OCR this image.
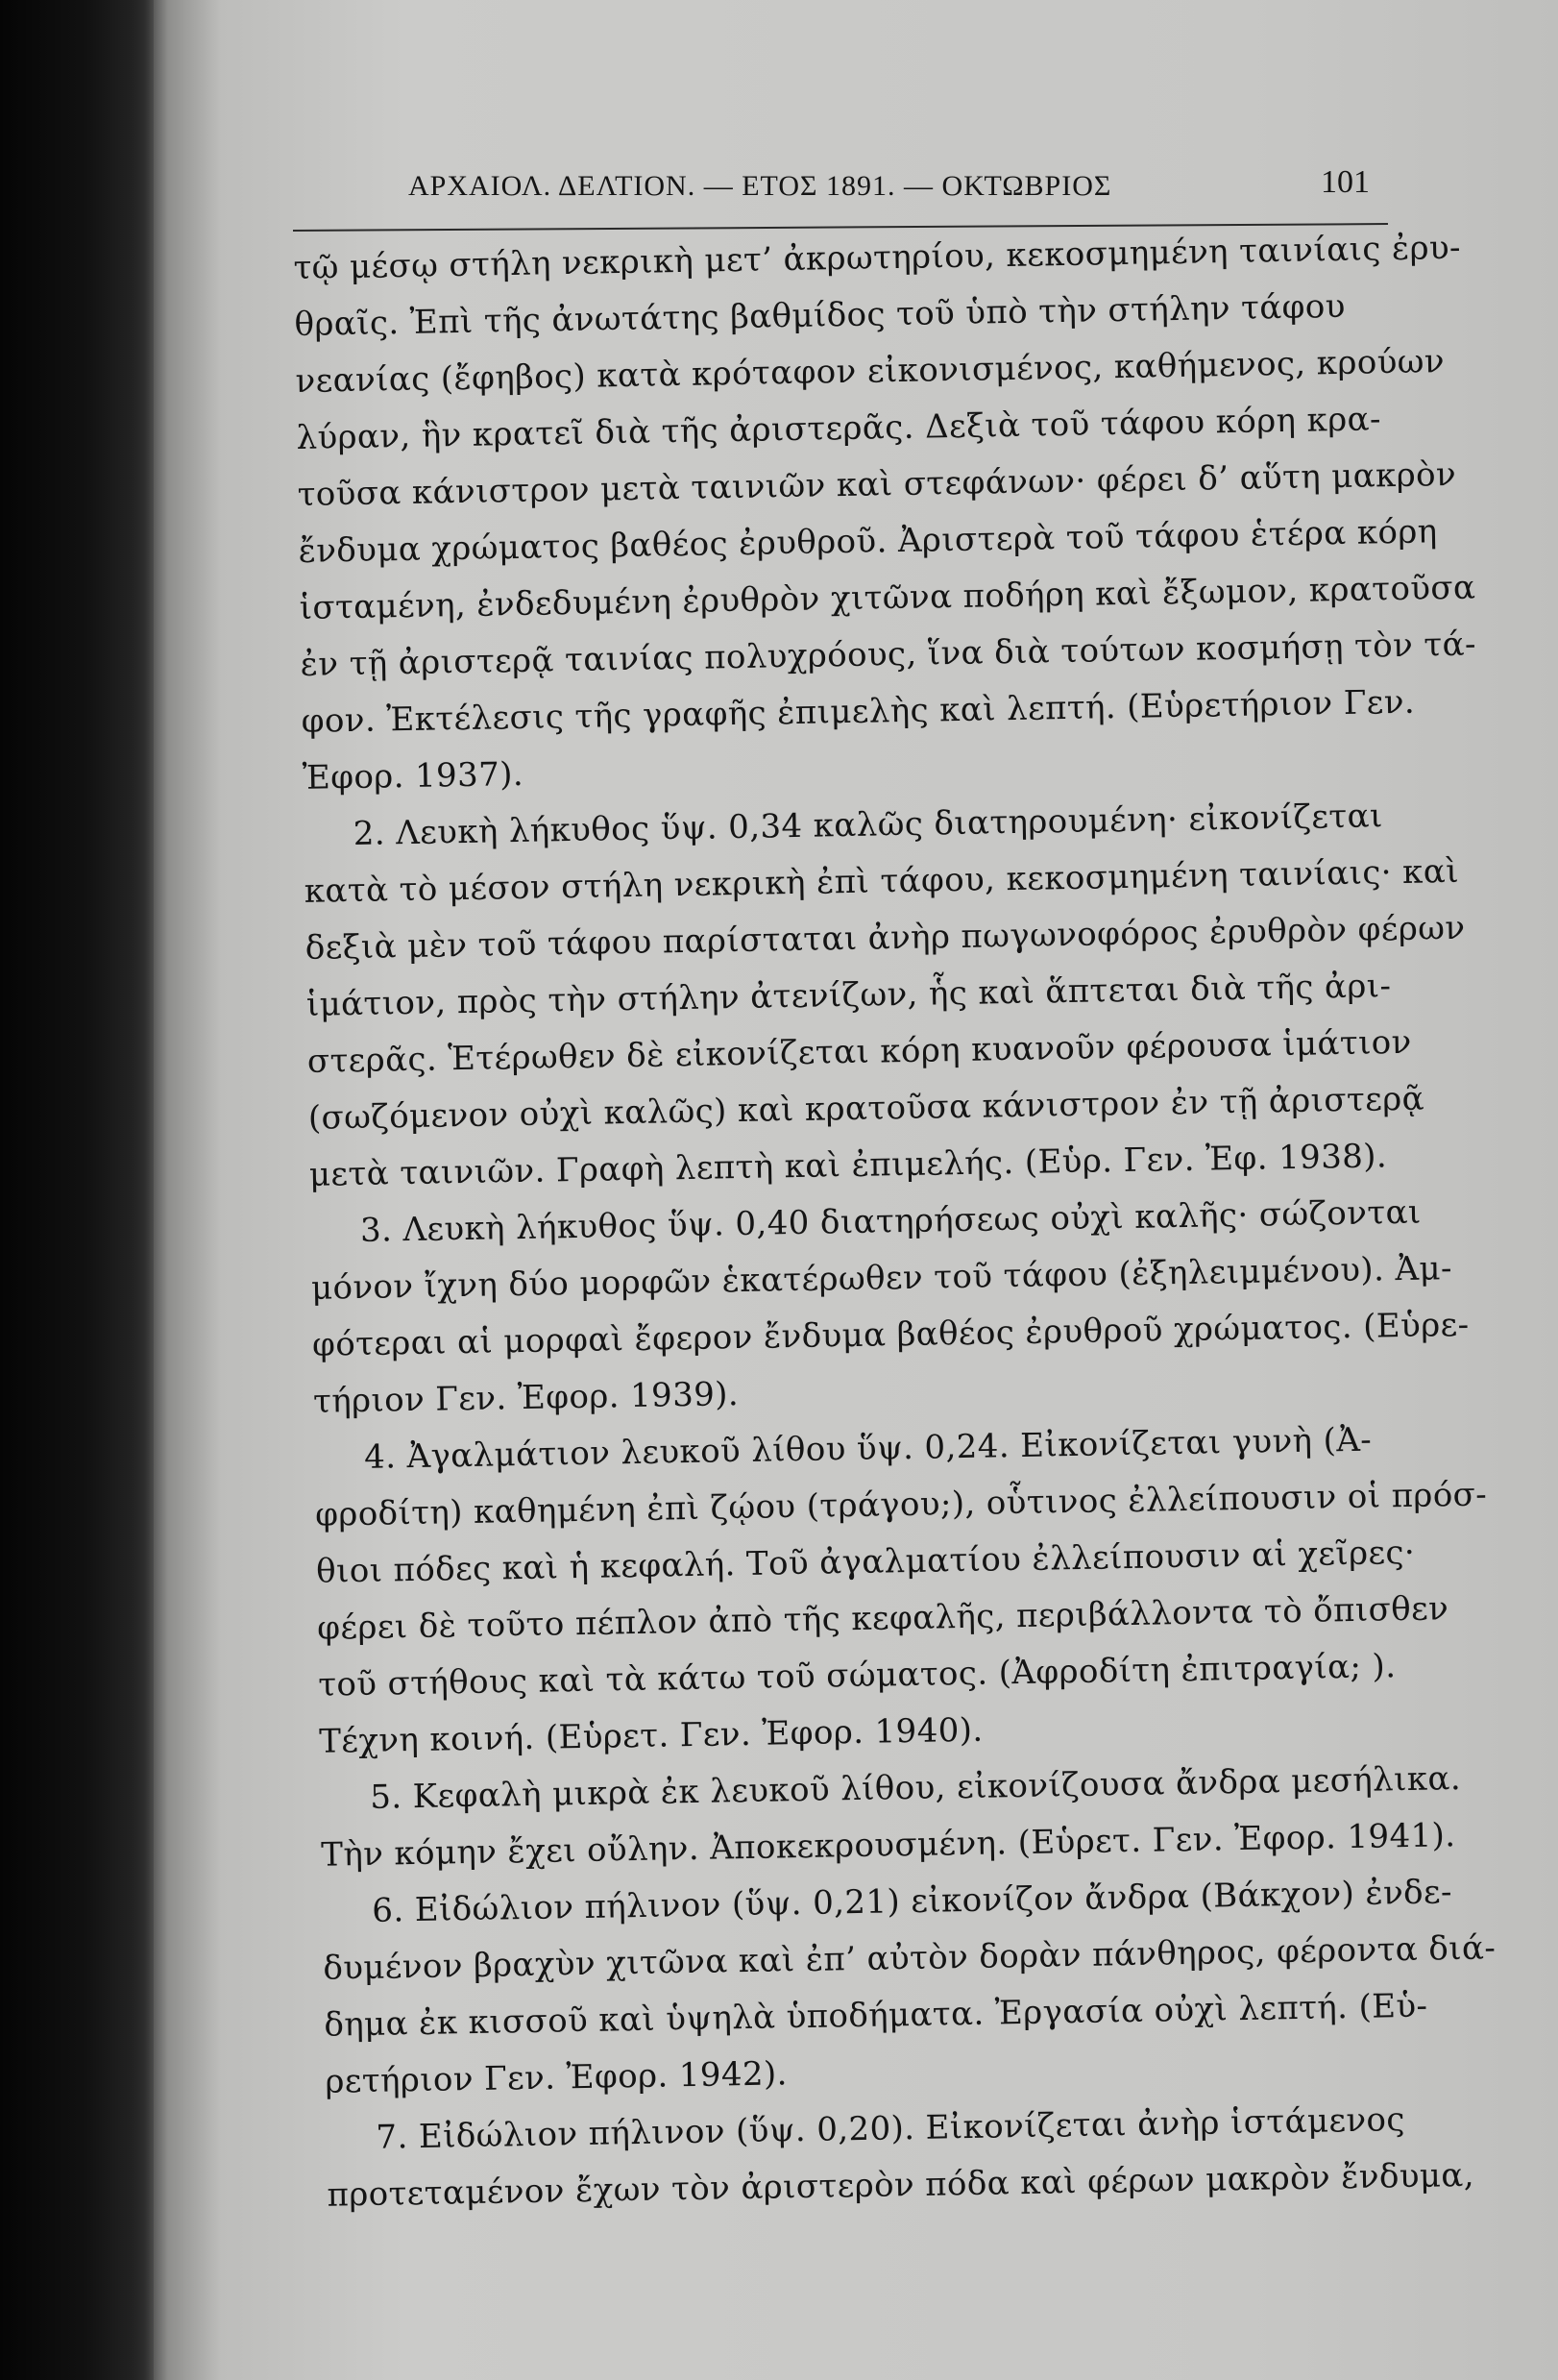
ΑΡΧΑΙΟΛ. ΔΕΛΤΙΟΝ. — ΕΤΟΣ 1891. — ΟΚΤΩΒΡΙΟΣ	101
τῷ μέσῳ στήλη νεκρικὴ μετ’ ἀκρωτηρίου, κεκοσμημένη ταινίαις ἐρυ-
θραῖς. Ἐπὶ τῆς ἀνωτάτης βαθμίδος τοῦ ὑπὸ τὴν στήλην τάφου
νεανίας (ἔφηβος) κατὰ κρόταφον εἰκονισμένος, καθήμενος, κρούων
λύραν, ἣν κρατεῖ διὰ τῆς ἀριστερᾶς. Δεξιὰ τοῦ τάφου κόρη κρα-
τοῦσα κάνιστρον μετὰ ταινιῶν καὶ στεφάνων· φέρει δ’ αὕτη μακρὸν
ἔνδυμα χρώματος βαθέος ἐρυθροῦ. Ἀριστερὰ τοῦ τάφου ἑτέρα κόρη
ἱσταμένη, ἐνδεδυμένη ἐρυθρὸν χιτῶνα ποδήρη καὶ ἔξωμον, κρατοῦσα
ἐν τῇ ἀριστερᾷ ταινίας πολυχρόους, ἵνα διὰ τούτων κοσμήσῃ τὸν τά-
φον. Ἐκτέλεσις τῆς γραφῆς ἐπιμελὴς καὶ λεπτή. (Εὑρετήριον Γεν.
Ἐφορ. 1937).
2. Λευκὴ λήκυθος ὕψ. 0,34 καλῶς διατηρουμένη· εἰκονίζεται
κατὰ τὸ μέσον στήλη νεκρικὴ ἐπὶ τάφου, κεκοσμημένη ταινίαις· καὶ
δεξιὰ μὲν τοῦ τάφου παρίσταται ἀνὴρ πωγωνοφόρος ἐρυθρὸν φέρων
ἱμάτιον, πρὸς τὴν στήλην ἀτενίζων, ἧς καὶ ἅπτεται διὰ τῆς ἀρι-
στερᾶς. Ἑτέρωθεν δὲ εἰκονίζεται κόρη κυανοῦν φέρουσα ἱμάτιον
(σωζόμενον οὐχὶ καλῶς) καὶ κρατοῦσα κάνιστρον ἐν τῇ ἀριστερᾷ
μετὰ ταινιῶν. Γραφὴ λεπτὴ καὶ ἐπιμελής. (Εὑρ. Γεν. Ἐφ. 1938).
3. Λευκὴ λήκυθος ὕψ. 0,40 διατηρήσεως οὐχὶ καλῆς· σώζονται
μόνον ἴχνη δύο μορφῶν ἑκατέρωθεν τοῦ τάφου (ἐξηλειμμένου). Ἀμ-
φότεραι αἱ μορφαὶ ἔφερον ἔνδυμα βαθέος ἐρυθροῦ χρώματος. (Εὑρε-
τήριον Γεν. Ἐφορ. 1939).
4. Ἀγαλμάτιον λευκοῦ λίθου ὕψ. 0,24. Εἰκονίζεται γυνὴ (Ἀ-
φροδίτη) καθημένη ἐπὶ ζῴου (τράγου;), οὗτινος ἐλλείπουσιν οἱ πρόσ-
θιοι πόδες καὶ ἡ κεφαλή. Τοῦ ἀγαλματίου ἐλλείπουσιν αἱ χεῖρες·
φέρει δὲ τοῦτο πέπλον ἀπὸ τῆς κεφαλῆς, περιβάλλοντα τὸ ὄπισθεν
τοῦ στήθους καὶ τὰ κάτω τοῦ σώματος. (Ἀφροδίτη ἐπιτραγία; ).
Τέχνη κοινή. (Εὑρετ. Γεν. Ἐφορ. 1940).
5. Κεφαλὴ μικρὰ ἐκ λευκοῦ λίθου, εἰκονίζουσα ἄνδρα μεσήλικα.
Τὴν κόμην ἔχει οὔλην. Ἀποκεκρουσμένη. (Εὑρετ. Γεν. Ἐφορ. 1941).
6. Εἰδώλιον πήλινον (ὕψ. 0,21) εἰκονίζον ἄνδρα (Βάκχον) ἐνδε-
δυμένον βραχὺν χιτῶνα καὶ ἐπ’ αὐτὸν δορὰν πάνθηρος, φέροντα διά-
δημα ἐκ κισσοῦ καὶ ὑψηλὰ ὑποδήματα. Ἐργασία οὐχὶ λεπτή. (Εὑ-
ρετήριον Γεν. Ἐφορ. 1942).
7. Εἰδώλιον πήλινον (ὕψ. 0,20). Εἰκονίζεται ἀνὴρ ἱστάμενος
προτεταμένον ἔχων τὸν ἀριστερὸν πόδα καὶ φέρων μακρὸν ἔνδυμα,
